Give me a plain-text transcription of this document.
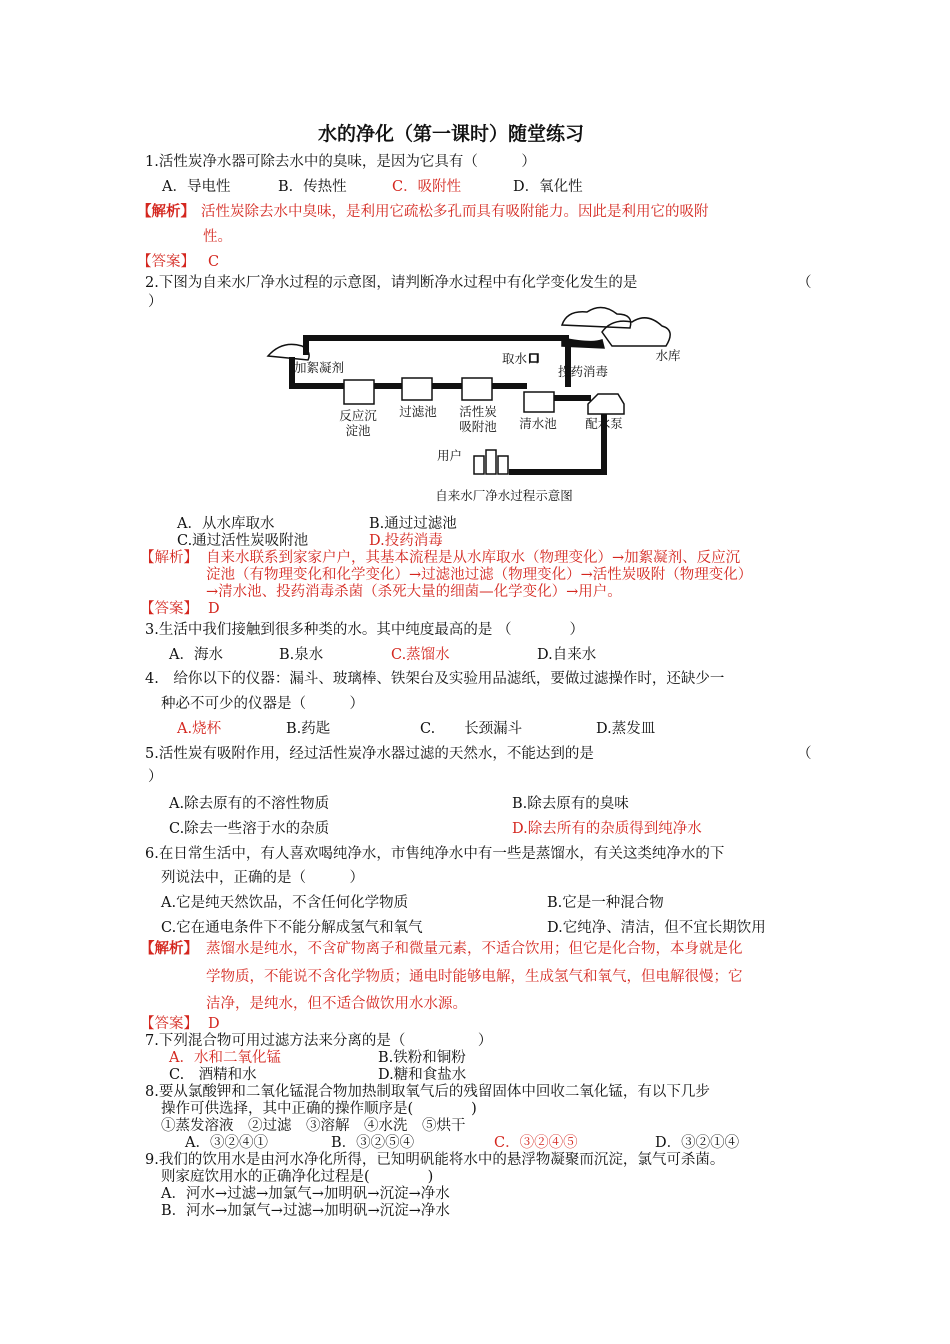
水的净化（第一课时）随堂练习
1.活性炭净水器可除去水中的臭味，是因为它具有（　　　）
A．导电性	B．传热性	C．吸附性	D．氧化性
【解析】 活性炭除去水中臭味，是利用它疏松多孔而具有吸附能力。因此是利用它的吸附
性。
【答案】 C
2.下图为自来水厂净水过程的示意图，请判断净水过程中有化学变化发生的是	（
）
水库
取水口
投药消毒
加絮凝剂
反应沉
淀池
过滤池 活性炭
吸附池 清水池 配水泵
用户
自来水厂净水过程示意图
A．从水库取水	B.通过过滤池
C.通过活性炭吸附池	D.投药消毒
【解析】 自来水联系到家家户户，其基本流程是从水库取水（物理变化）→加絮凝剂、反应沉
淀池（有物理变化和化学变化）→过滤池过滤（物理变化）→活性炭吸附（物理变化）
→清水池、投药消毒杀菌（杀死大量的细菌—化学变化）→用户。
【答案】 D
3.生活中我们接触到很多种类的水。其中纯度最高的是 （　　　　）
A．海水	B.泉水	C.蒸馏水	D.自来水
4.　给你以下的仪器：漏斗、玻璃棒、铁架台及实验用品滤纸，要做过滤操作时，还缺少一
种必不可少的仪器是（　　　）
A.烧杯	B.药匙	C.　　长颈漏斗	D.蒸发皿
5.活性炭有吸附作用，经过活性炭净水器过滤的天然水，不能达到的是	（
）
A.除去原有的不溶性物质	B.除去原有的臭味
C.除去一些溶于水的杂质	D.除去所有的杂质得到纯净水
6.在日常生活中，有人喜欢喝纯净水，市售纯净水中有一些是蒸馏水，有关这类纯净水的下
列说法中，正确的是（　　　）
A.它是纯天然饮品，不含任何化学物质	B.它是一种混合物
C.它在通电条件下不能分解成氢气和氧气	D.它纯净、清洁，但不宜长期饮用
【解析】 蒸馏水是纯水，不含矿物离子和微量元素，不适合饮用；但它是化合物，本身就是化
学物质，不能说不含化学物质；通电时能够电解，生成氢气和氧气，但电解很慢；它
洁净，是纯水，但不适合做饮用水水源。
【答案】 D
7.下列混合物可用过滤方法来分离的是（　　　　　）
A．水和二氧化锰	B.铁粉和铜粉
C.　酒精和水	D.糖和食盐水
8.要从氯酸钾和二氧化锰混合物加热制取氧气后的残留固体中回收二氧化锰，有以下几步
操作可供选择，其中正确的操作顺序是(　　　　)
①蒸发溶液　②过滤　③溶解　④水洗　⑤烘干
A．③②④①	B．③②⑤④	C．③②④⑤	D．③②①④
9.我们的饮用水是由河水净化所得，已知明矾能将水中的悬浮物凝聚而沉淀，氯气可杀菌。
则家庭饮用水的正确净化过程是(　　　　)
A．河水→过滤→加氯气→加明矾→沉淀→净水
B．河水→加氯气→过滤→加明矾→沉淀→净水
